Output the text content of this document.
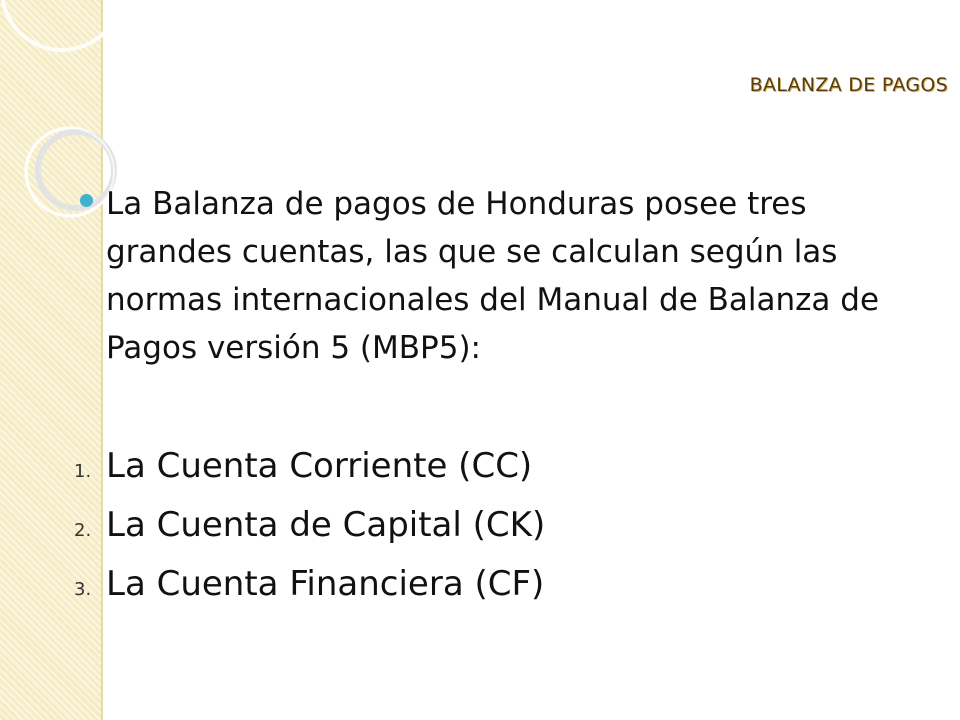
BALANZA DE PAGOS

La Balanza de pagos de Honduras posee tres grandes cuentas, las que se calculan según las normas internacionales del Manual de Balanza de Pagos versión 5 (MBP5):

1. La Cuenta Corriente (CC)
2. La Cuenta de Capital (CK)
3. La Cuenta Financiera (CF)
